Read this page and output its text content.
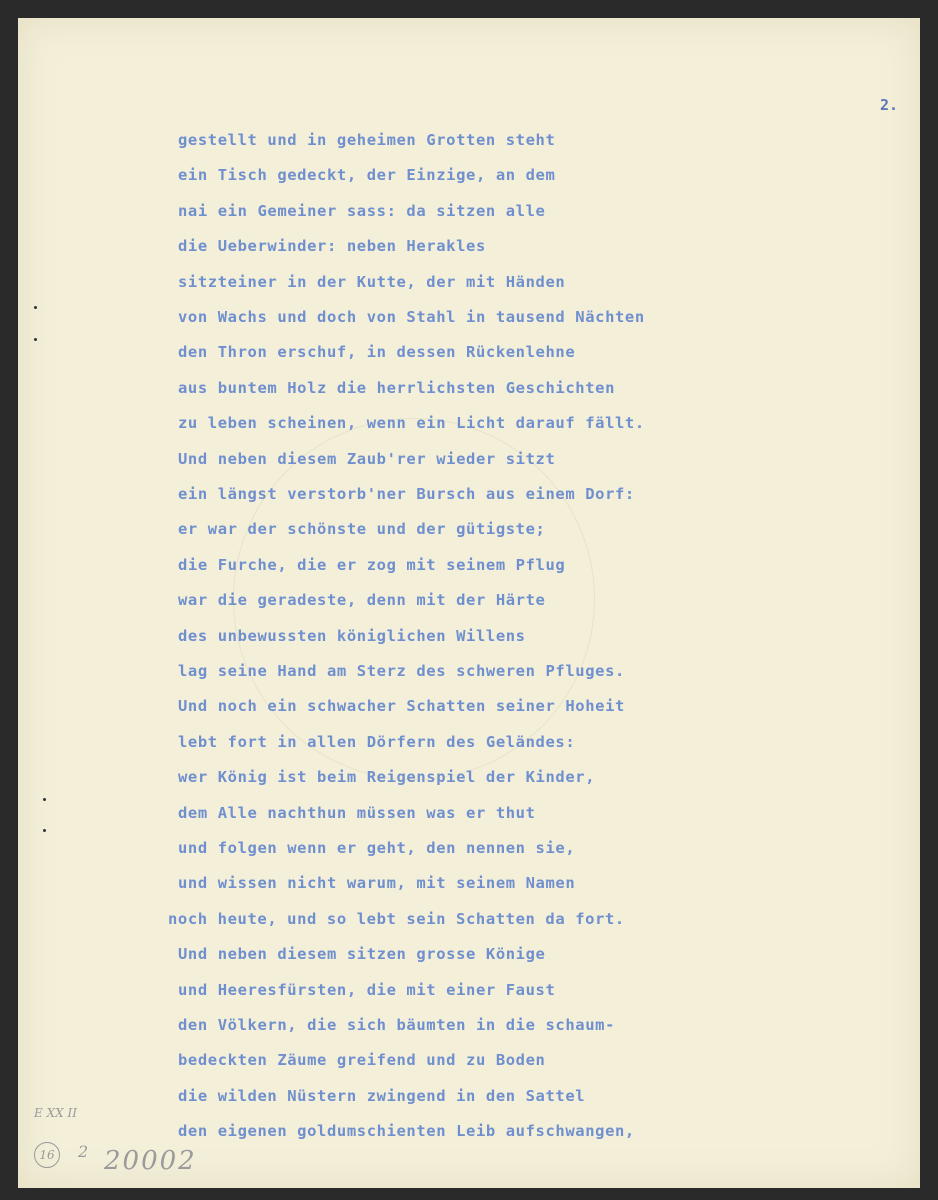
2.
gestellt und in geheimen Grotten steht
ein Tisch gedeckt, der Einzige, an dem
nai ein Gemeiner sass: da sitzen alle
die Ueberwinder: neben Herakles
sitzteiner in der Kutte, der mit Händen
von Wachs und doch von Stahl in tausend Nächten
den Thron erschuf, in dessen Rückenlehne
aus buntem Holz die herrlichsten Geschichten
zu leben scheinen, wenn ein Licht darauf fällt.
Und neben diesem Zaub'rer wieder sitzt
ein längst verstorb'ner Bursch aus einem Dorf:
er war der schönste und der gütigste;
die Furche, die er zog mit seinem Pflug
war die geradeste, denn mit der Härte
des unbewussten königlichen Willens
lag seine Hand am Sterz des schweren Pfluges.
Und noch ein schwacher Schatten seiner Hoheit
lebt fort in allen Dörfern des Geländes:
wer König ist beim Reigenspiel der Kinder,
dem Alle nachthun müssen was er thut
und folgen wenn er geht, den nennen sie,
und wissen nicht warum, mit seinem Namen
noch heute, und so lebt sein Schatten da fort.
Und neben diesem sitzen grosse Könige
und Heeresfürsten, die mit einer Faust
den Völkern, die sich bäumten in die schaum-
bedeckten Zäume greifend und zu Boden
die wilden Nüstern zwingend in den Sattel
den eigenen goldumschienten Leib aufschwangen,
E XX II
16	2 20002
